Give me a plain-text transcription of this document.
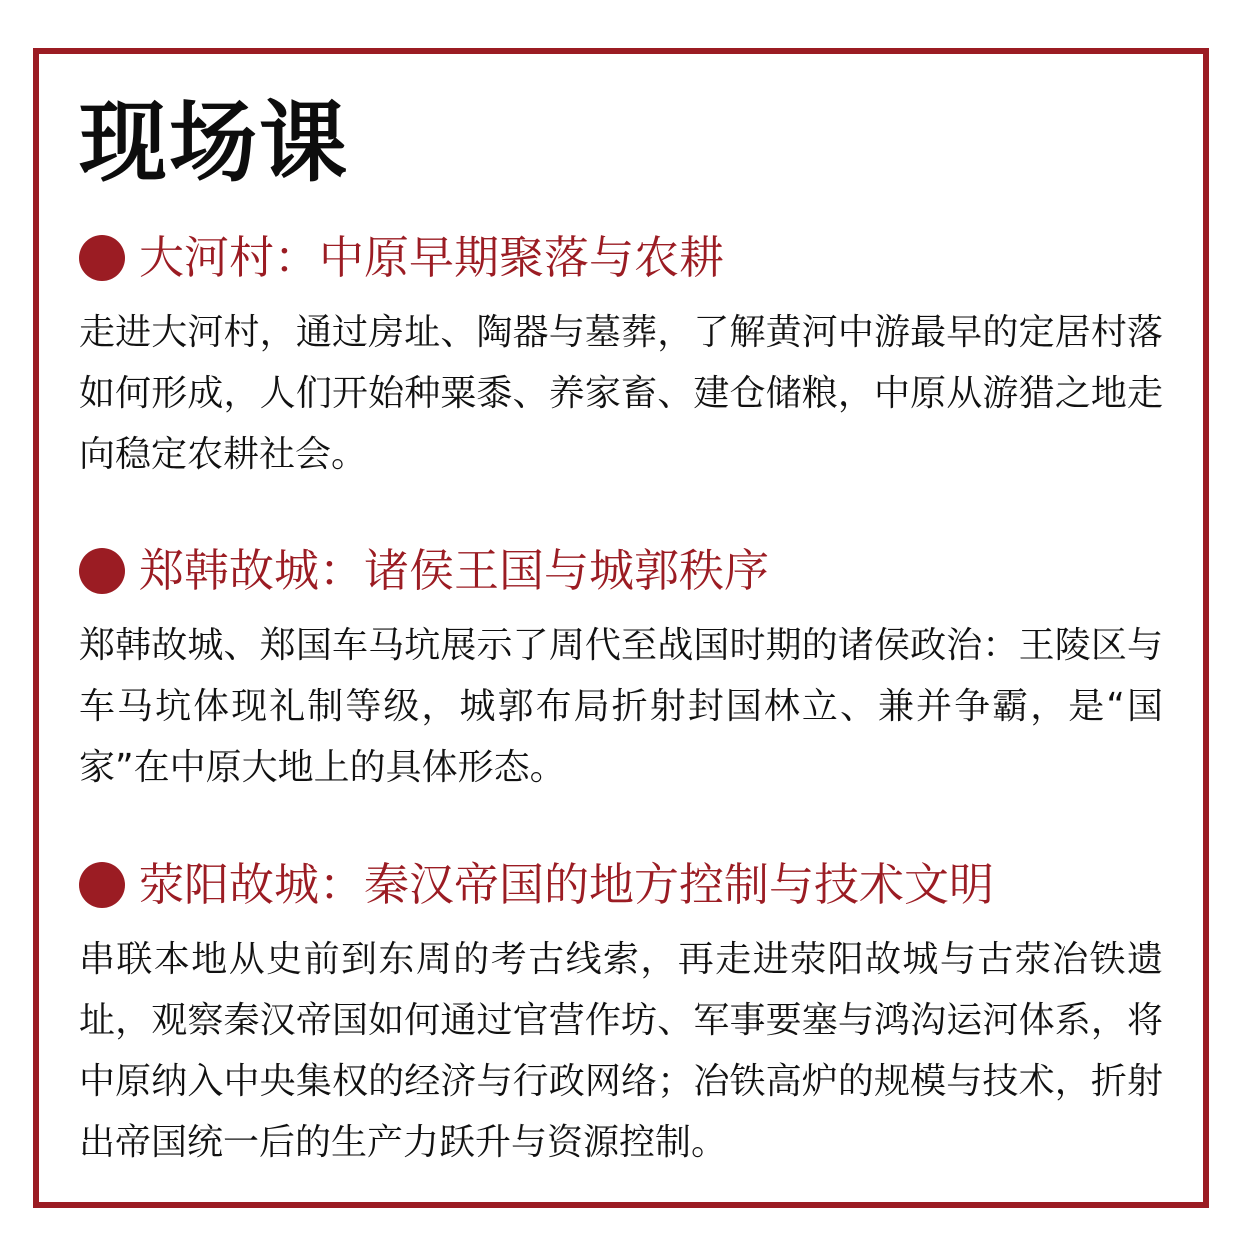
现场课
大河村：中原早期聚落与农耕
走进大河村，通过房址、陶器与墓葬，了解黄河中游最早的定居村落如何形成，人们开始种粟黍、养家畜、建仓储粮，中原从游猎之地走向稳定农耕社会。
郑韩故城：诸侯王国与城郭秩序
郑韩故城、郑国车马坑展示了周代至战国时期的诸侯政治：王陵区与车马坑体现礼制等级，城郭布局折射封国林立、兼并争霸，是“国家”在中原大地上的具体形态。
荥阳故城：秦汉帝国的地方控制与技术文明
串联本地从史前到东周的考古线索，再走进荥阳故城与古荥冶铁遗址，观察秦汉帝国如何通过官营作坊、军事要塞与鸿沟运河体系，将中原纳入中央集权的经济与行政网络；冶铁高炉的规模与技术，折射出帝国统一后的生产力跃升与资源控制。
